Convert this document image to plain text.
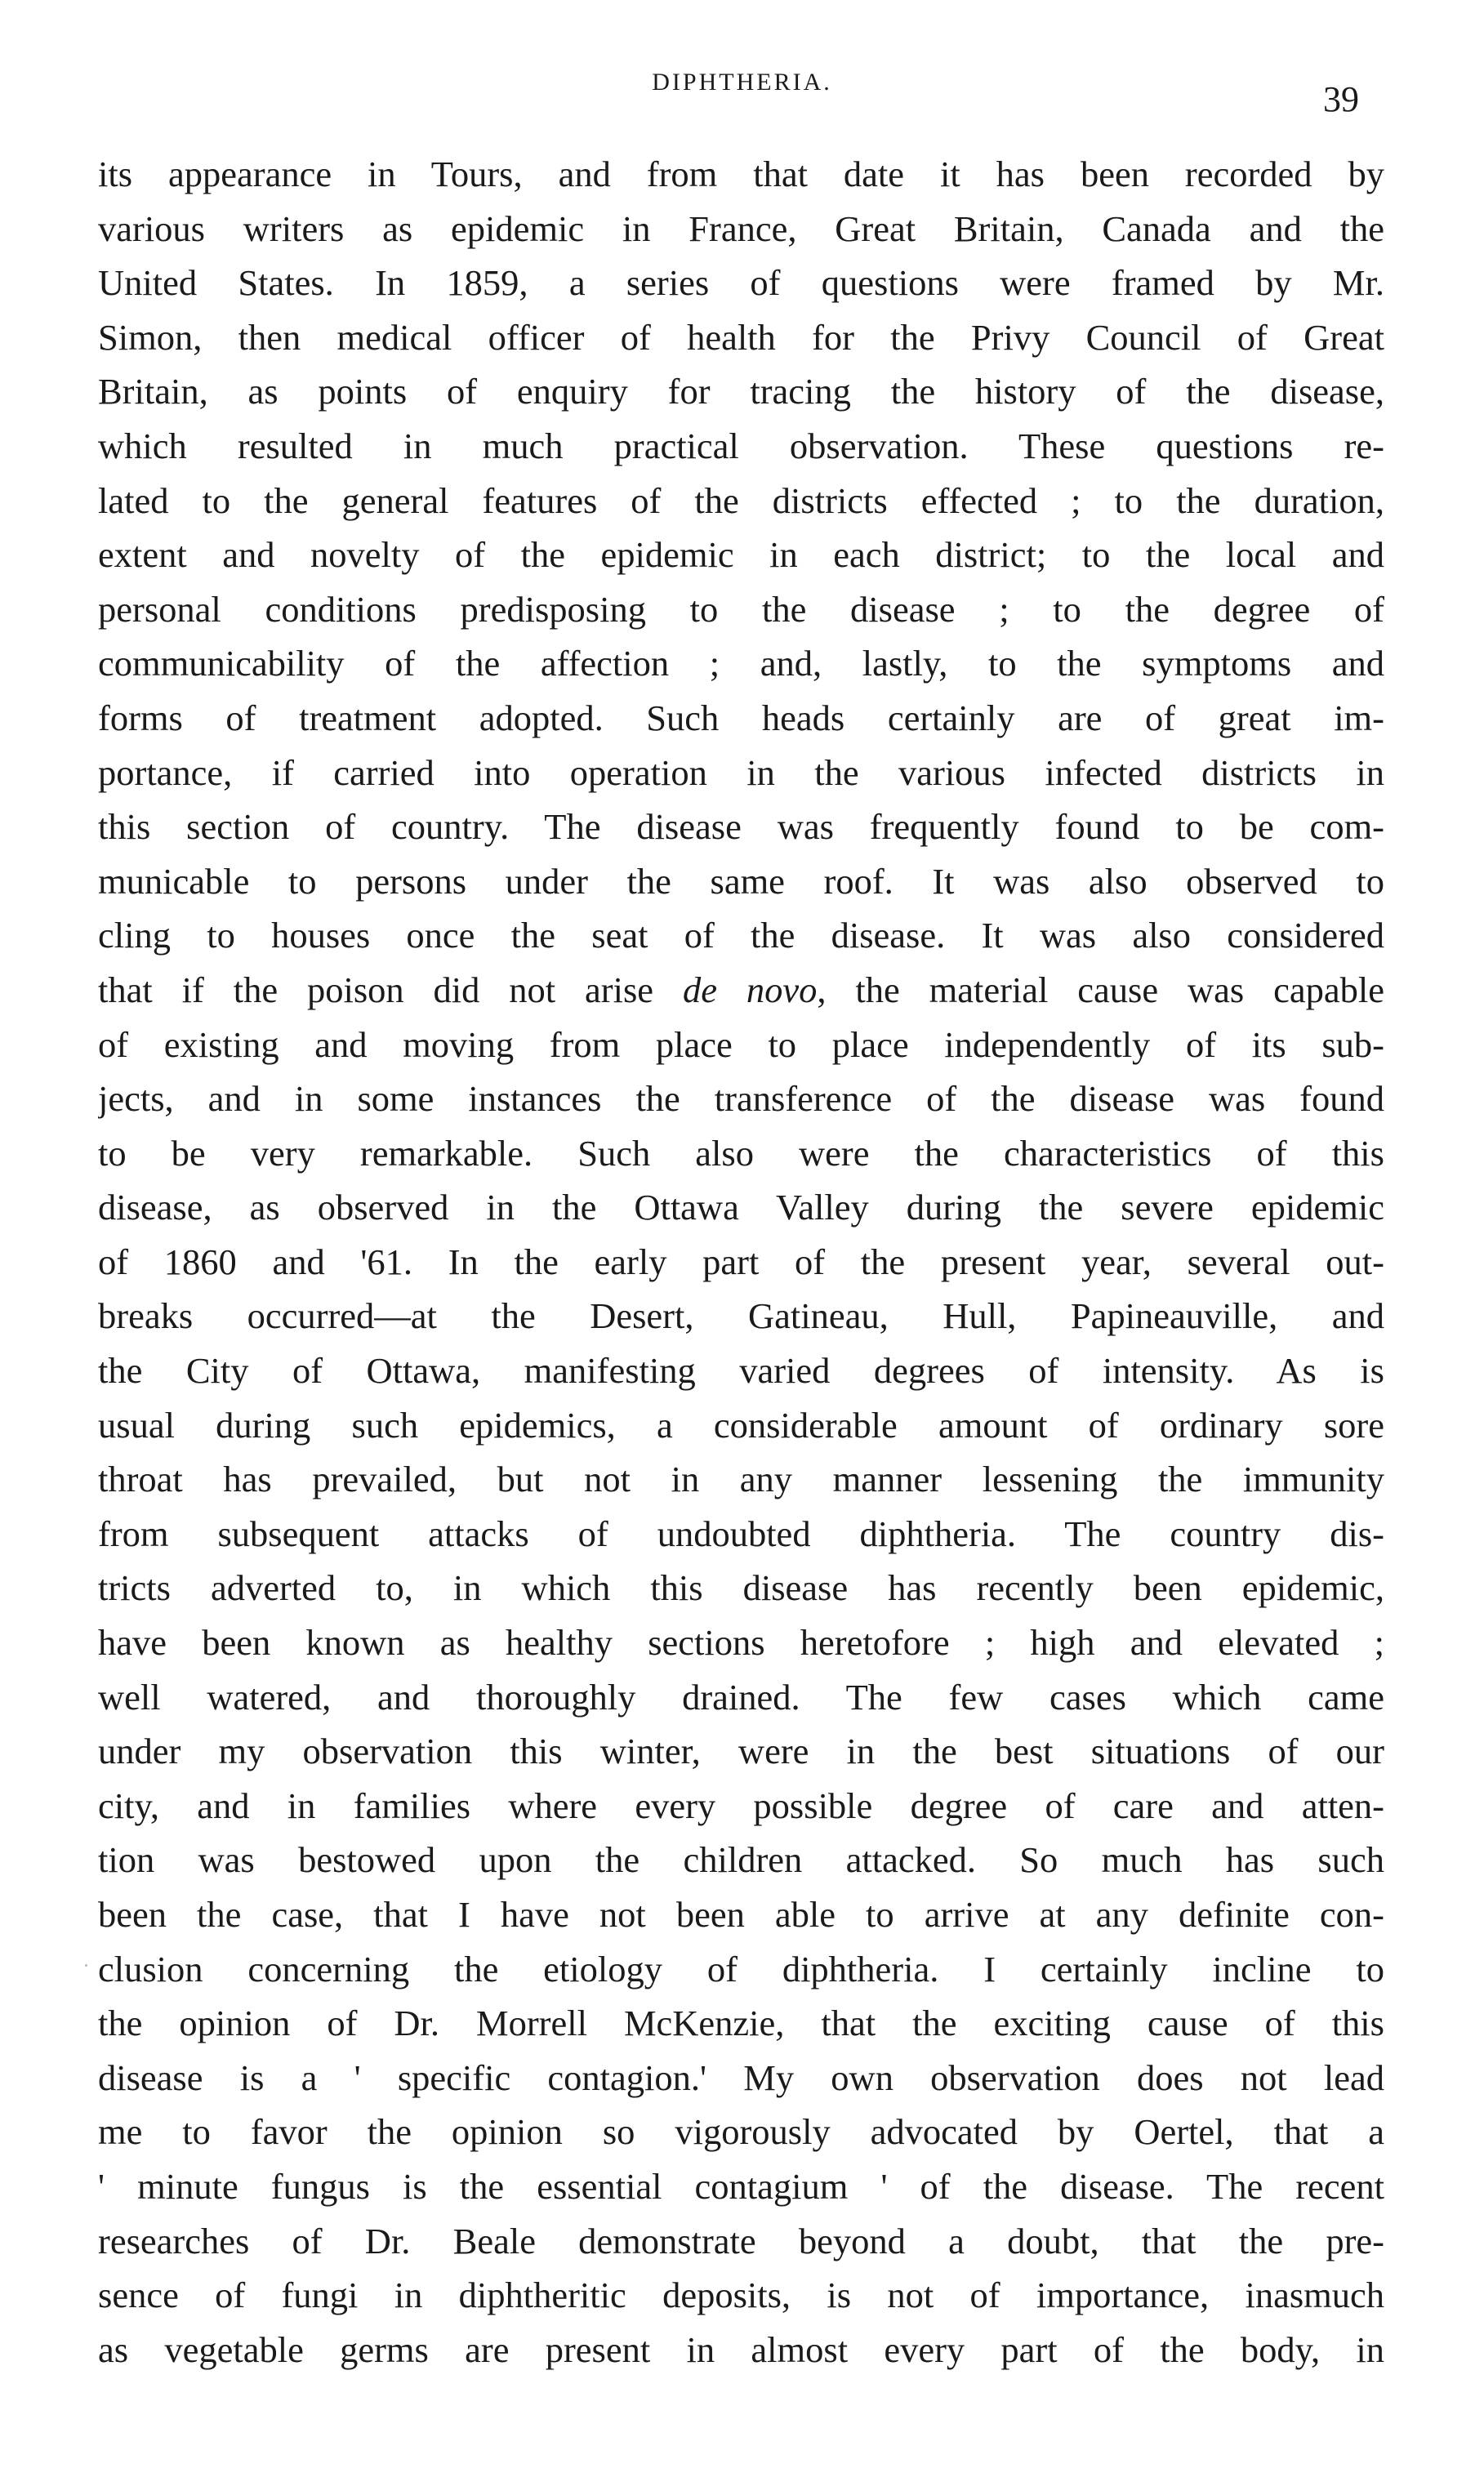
DIPHTHERIA.	39
its appearance in Tours, and from that date it has been recorded by
various writers as epidemic in France, Great Britain, Canada and the
United States. In 1859, a series of questions were framed by Mr.
Simon, then medical officer of health for the Privy Council of Great
Britain, as points of enquiry for tracing the history of the disease,
which resulted in much practical observation. These questions re-
lated to the general features of the districts effected ; to the duration,
extent and novelty of the epidemic in each district; to the local and
personal conditions predisposing to the disease ; to the degree of
communicability of the affection ; and, lastly, to the symptoms and
forms of treatment adopted. Such heads certainly are of great im-
portance, if carried into operation in the various infected districts in
this section of country. The disease was frequently found to be com-
municable to persons under the same roof. It was also observed to
cling to houses once the seat of the disease. It was also considered
that if the poison did not arise de novo, the material cause was capable
of existing and moving from place to place independently of its sub-
jects, and in some instances the transference of the disease was found
to be very remarkable. Such also were the characteristics of this
disease, as observed in the Ottawa Valley during the severe epidemic
of 1860 and '61. In the early part of the present year, several out-
breaks occurred—at the Desert, Gatineau, Hull, Papineauville, and
the City of Ottawa, manifesting varied degrees of intensity. As is
usual during such epidemics, a considerable amount of ordinary sore
throat has prevailed, but not in any manner lessening the immunity
from subsequent attacks of undoubted diphtheria. The country dis-
tricts adverted to, in which this disease has recently been epidemic,
have been known as healthy sections heretofore ; high and elevated ;
well watered, and thoroughly drained. The few cases which came
under my observation this winter, were in the best situations of our
city, and in families where every possible degree of care and atten-
tion was bestowed upon the children attacked. So much has such
been the case, that I have not been able to arrive at any definite con-
clusion concerning the etiology of diphtheria. I certainly incline to
the opinion of Dr. Morrell McKenzie, that the exciting cause of this
disease is a ' specific contagion.' My own observation does not lead
me to favor the opinion so vigorously advocated by Oertel, that a
' minute fungus is the essential contagium ' of the disease. The recent
researches of Dr. Beale demonstrate beyond a doubt, that the pre-
sence of fungi in diphtheritic deposits, is not of importance, inasmuch
as vegetable germs are present in almost every part of the body, in
